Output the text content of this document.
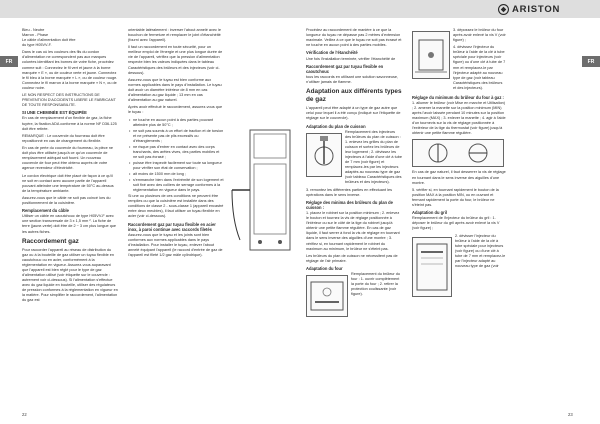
ARISTON
FR	FR

Bleu - Neutre
Marron - Phase
Le câble d'alimentation doit être
du type H05VV-F.

Dans le cas où les couleurs des fils du cordon d'alimentation ne correspondent pas aux marques colorées identifiant les bornes de votre fiche, procédez comme suit : Connectez le fil vert et jaune à la borne marquée « E », ou de couleur verte et jaune. Connectez le fil bleu à la borne marquée « L », ou de couleur rouge. Connectez le fil marron à la borne marquée « N », ou de couleur noire.

LE NON RESPECT DES INSTRUCTIONS DE PREVENTION D'ACCIDENTS LIBERE LE FABRICANT DE TOUTE RESPONSABILITE.

SI UNE CHEMINÉE EST ÉQUIPÉE

En cas de remplacement d'un flexible de gaz, la fiche tuyère, la fixation ADA conforme à la norme NF D36-125 doit être retirée.

REMARQUE : Le couvercle du fourneau doit être repositionné en cas de changement du flexible.

En cas de perte du couvercle du fourneau, la pièce ne doit plus être utilisée jusqu'à ce qu'un couvercle de remplacement adéquat soit fourni. Un nouveau couvercle de four peut être obtenu auprès de votre agence revendeur d'électricité.

Le cordon électrique doit être placé de façon à ce qu'il ne soit en contact avec aucune partie de l'appareil pouvant atteindre une température de 50°C au-dessus de la température ambiante.

Assurez-vous que le câble ne soit pas coincé lors du positionnement de la cuisinière.

Remplacement du câble

Utiliser un câble en caoutchouc de type H05VV-F avec une section transversale de 3 x 1,5 mm ². La fiche de terre (jaune-verte) doit être de 2 ~ 3 cm plus longue que les autres fiches.

Raccordement gaz

Pour raccorder l'appareil au réseau de distribution du gaz ou à la bouteille de gaz utiliser un tuyau flexible en caoutchouc ou en acier, conformément à la réglementation en vigueur. Assurez-vous auparavant que l'appareil est bien réglé pour le type de gaz d'alimentation utilisé (voir étiquette sur le couvercle : autrement voir ci-dessous). Si l'alimentation s'effectue avec du gaz liquide en bouteille, utiliser des régulateurs de pression conformes à la réglementation en vigueur en la matière. Pour simplifier le raccordement, l'alimentation du gaz est

orientable latéralement : inverser l'about annelé avec le bouchon de fermeture et remplacer le joint d'étanchéité (fourni avec l'appareil).

Il faut un raccordement en toute sécurité, pour un meilleur emploi de l'énergie et une plus longue durée de vie de l'appareil, vérifiez que la pression d'alimentation respecte bien les valeurs indiquées dans le tableau Caractéristiques des brûleurs et des injecteurs (voir ci-dessous).

Assurez-vous que le tuyau est bien conforme aux normes applicables dans le pays d'installation. Le tuyau doit avoir un diamètre intérieur de 8 mm en cas d'alimentation au gaz liquide ; 13 mm en cas d'alimentation au gaz naturel.

Après avoir effectué le raccordement, assurez-vous que le tuyau :

• ne touche en aucun point à des parties pouvant atteindre plus de 50°C ;
• ne soit pas soumis à un effort de traction et de torsion et ne présente pas de plis excessifs ou d'étranglements ;
• ne risque pas d'entrer en contact avec des corps tranchants, des arêtes vives, des parties mobiles et ne soit pas écrasé ;
• puisse être inspecté facilement sur toute sa longueur pour vérifier son état de conservation ;
• ait moins de 1500 mm de long ;
• s'emmanche bien dans l'extrémité de son logement et soit fixé avec des colliers de serrage conformes à la réglementation en vigueur dans le pays.

Si une ou plusieurs de ces conditions ne peuvent être remplies ou que la cuisinière est installée dans des conditions de classe 2 - sous-classe 1 (appareil encastré entre deux meubles), il faut utiliser un tuyau flexible en acier (voir ci-dessous).

Raccordement gaz par tuyau flexible en acier inox, à paroi continue avec raccords filetés

Assurez-vous que le tuyau et les joints sont bien conformes aux normes applicables dans le pays d'installation. Pour installer le tuyau, enlever l'about annelé équipant l'appareil (le raccord d'entrée de gaz de l'appareil est fileté 1/2 gaz mâle cylindrique).

Procédez au raccordement de manière à ce que la longueur du tuyau ne dépasse pas 2 mètres d'extension maximale. Veillez à ce que le tuyau ne soit pas écrasé et ne touche en aucun point à des parties mobiles.

Vérification de l'étanchéité

Une fois l'installation terminée, vérifier l'étanchéité de

Raccordement gaz par tuyau flexible en caoutchouc

tous les raccords en utilisant une solution savonneuse, n'utiliser jamais de flamme.

Adaptation aux différents types de gaz

L'appareil peut être adapté à un type de gaz autre que celui pour lequel il a été conçu (indiqué sur l'étiquette de réglage sur le couvercle).

Adaptation du plan de cuisson

Remplacement des injecteurs des brûleurs du plan de cuisson : 1. enlevez les grilles du plan de cuisson et sortez les brûleurs de leur logement ; 2. dévissez les injecteurs à l'aide d'une clé à tube de 7 mm (voir figure) et remplacez-les par les injecteurs adaptés au nouveau type de gaz (voir tableau Caractéristiques des brûleurs et des injecteurs).

3. remontez les différentes parties en effectuant les opérations dans le sens inverse.

Réglage des minima des brûleurs du plan de cuisson :

1. placez le robinet sur la position minimum ; 2. enlevez le bouton et tournez la vis de réglage positionnée à l'intérieur ou sur le côté de la tige du robinet jusqu'à obtenir une petite flamme régulière. En cas de gaz liquide, il faut serrer à fond la vis de réglage en tournant dans le sens inverse des aiguilles d'une montre ; 3. vérifiez si, en tournant rapidement le robinet du maximum au minimum, le brûleur ne s'éteint pas.

Les brûleurs du plan de cuisson ne nécessitent pas de réglage de l'air primaire.

Adaptation du four

Remplacement du brûleur du four : 1. ouvrir complètement la porte du four ; 2. retirer la protection coulissante (voir figure).

3. dépossez le brûleur du four après avoir enlevé la vis V (voir figure) ;

4. dévissez l'injecteur du brûleur à l'aide de la clé à tube spéciale pour injecteurs (voir figure) ou d'une clé à tube de 7 mm et remplacez-le par l'injecteur adapté au nouveau type de gaz (voir tableau Caractéristiques des brûleurs et des injecteurs).

Réglage du minimum du brûleur du four à gaz :

1. allumer le brûleur (voir Mise en marche et Utilisation) ; 2. amener la manette sur la position minimum (MIN) après l'avoir laissée pendant 10 minutes sur la position maximum (MAX) ; 3. enlever la manette ; 4. agir à l'aide d'un tournevis sur la vis de réglage positionnée à l'extérieur de la tige du thermostat (voir figure) jusqu'à obtenir une petite flamme régulière.

En cas de gaz naturel, il faut desserrer la vis de réglage en tournant dans le sens inverse des aiguilles d'une montre.

5. vérifier si, en tournant rapidement le bouton de la position MAX à la position MIN, ou en ouvrant et fermant rapidement la porte du four, le brûleur ne s'éteint pas.

Adaptation du gril

Remplacement de l'injecteur du brûleur du gril : 1. déposer le brûleur du gril après avoir enlevé la vis V (voir figure) ;

2. dévisser l'injecteur du brûleur à l'aide de la clé à tube spéciale pour injecteurs (voir figure) ou d'une clé à tube de 7 mm et remplacez-le par l'injecteur adapté au nouveau type de gaz (voir

22	23
